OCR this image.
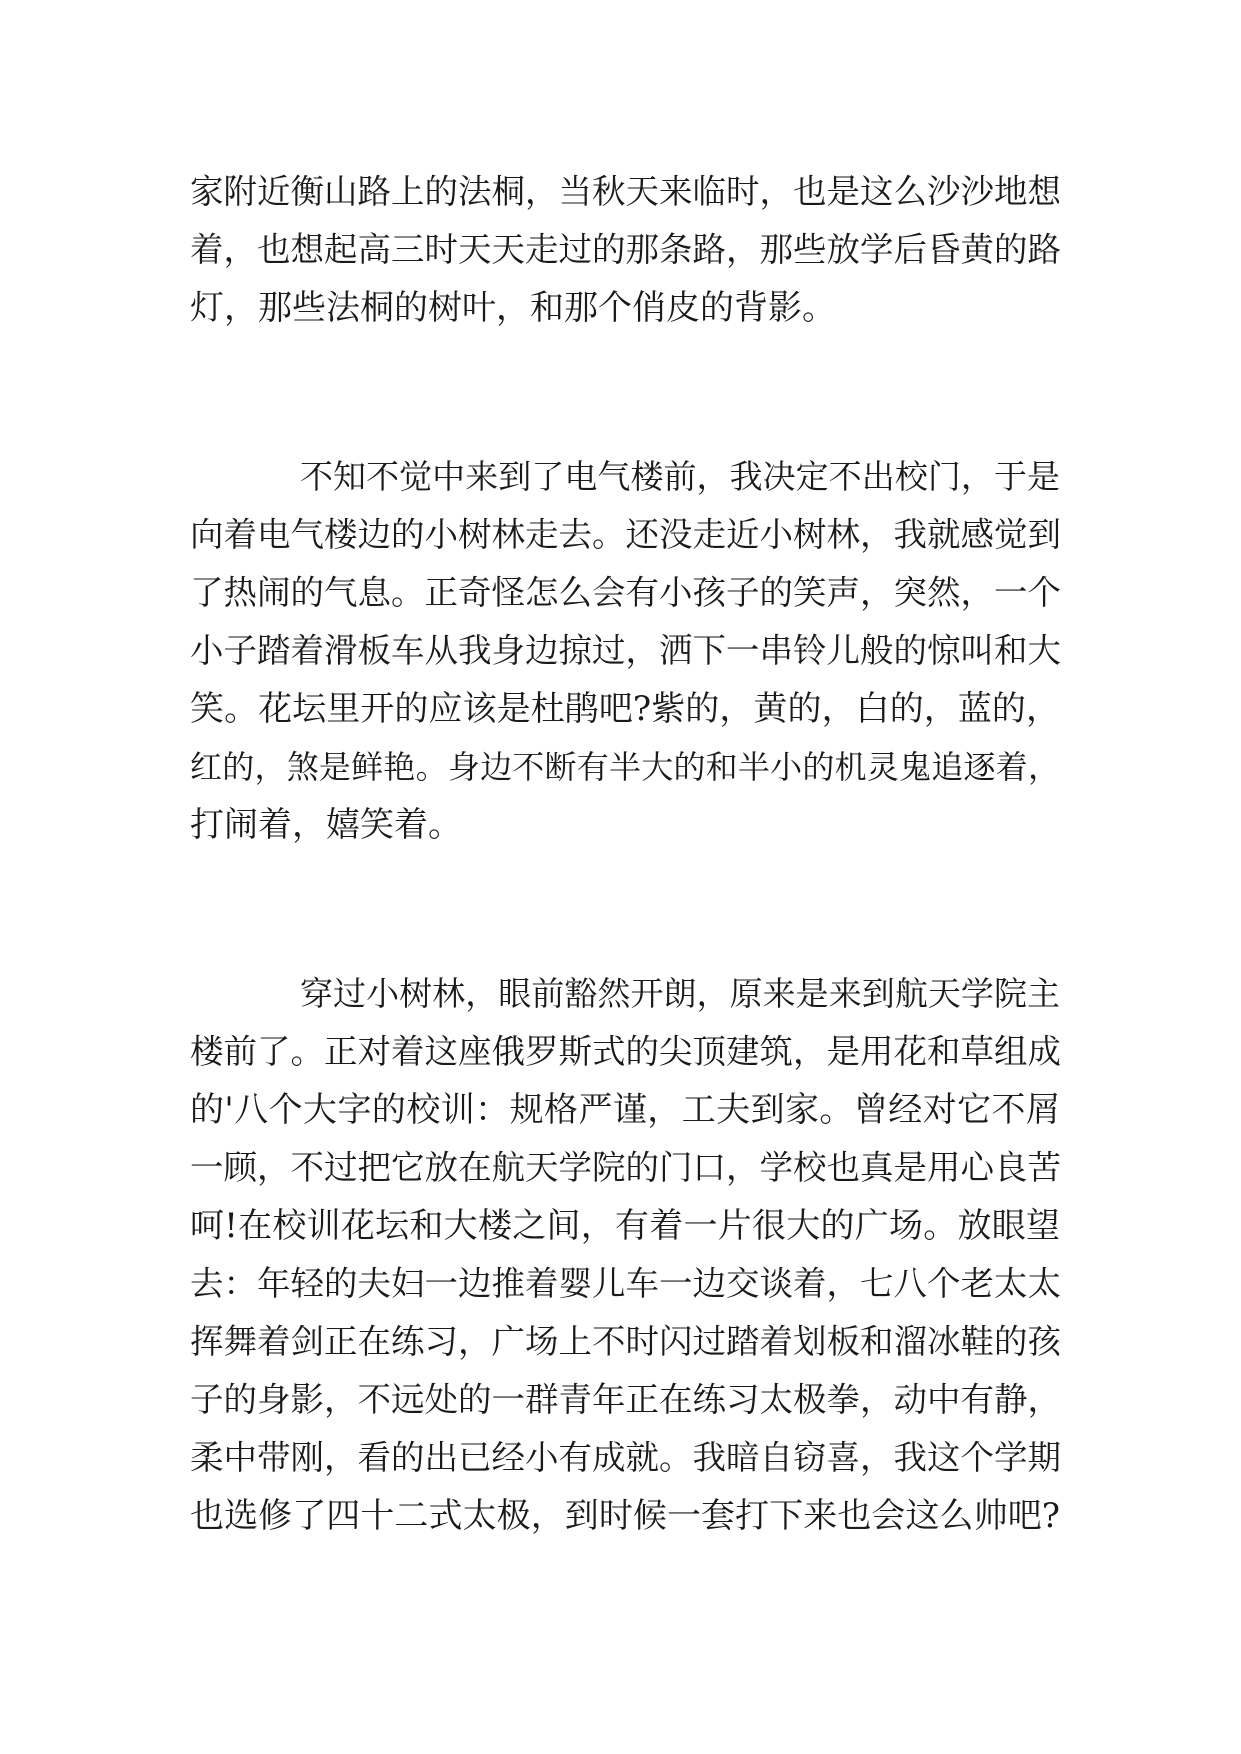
家附近衡山路上的法桐，当秋天来临时，也是这么沙沙地想
着，也想起高三时天天走过的那条路，那些放学后昏黄的路
灯，那些法桐的树叶，和那个俏皮的背影。
不知不觉中来到了电气楼前，我决定不出校门，于是
向着电气楼边的小树林走去。还没走近小树林，我就感觉到
了热闹的气息。正奇怪怎么会有小孩子的笑声，突然，一个
小子踏着滑板车从我身边掠过，洒下一串铃儿般的惊叫和大
笑。花坛里开的应该是杜鹃吧?紫的，黄的，白的，蓝的，
红的，煞是鲜艳。身边不断有半大的和半小的机灵鬼追逐着，
打闹着，嬉笑着。
穿过小树林，眼前豁然开朗，原来是来到航天学院主
楼前了。正对着这座俄罗斯式的尖顶建筑，是用花和草组成
的'八个大字的校训：规格严谨，工夫到家。曾经对它不屑
一顾，不过把它放在航天学院的门口，学校也真是用心良苦
呵!在校训花坛和大楼之间，有着一片很大的广场。放眼望
去：年轻的夫妇一边推着婴儿车一边交谈着，七八个老太太
挥舞着剑正在练习，广场上不时闪过踏着划板和溜冰鞋的孩
子的身影，不远处的一群青年正在练习太极拳，动中有静，
柔中带刚，看的出已经小有成就。我暗自窃喜，我这个学期
也选修了四十二式太极，到时候一套打下来也会这么帅吧?
